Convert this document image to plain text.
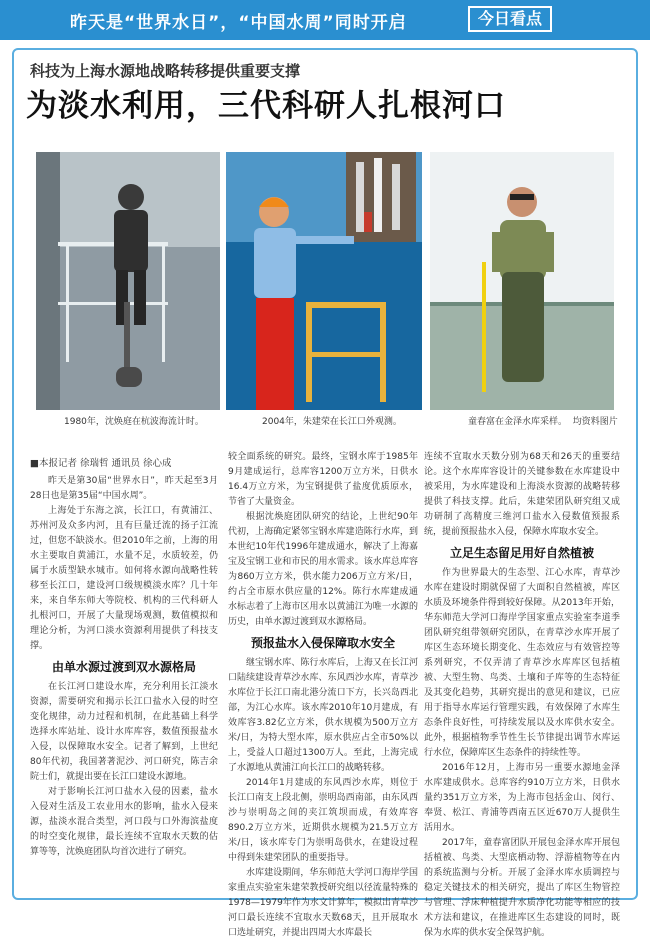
昨天是“世界水日”，“中国水周”同时开启	今日看点
科技为上海水源地战略转移提供重要支撑
为淡水利用，三代科研人扎根河口
1980年，沈焕庭在杭波海流计时。	2004年，朱建荣在长江口外观测。	童春富在金泽水库采样。 均资料图片

■本报记者 徐瑞哲 通讯员 徐心成

昨天是第30届“世界水日”，昨天起至3月28日也是第35届“中国水周”。

上海处于东海之滨，长江口，有黄浦江、苏州河及众多内河，且有巨量迁流的扬子江流过，但您不缺淡水。但2010年之前，上海的用水主要取自黄浦江，水量不足，水质较差，仍属于水质型缺水城市。如何将水源向战略性转移至长江口，建设河口级规模淡水库？几十年来，来自华东师大等院校、机构的三代科研人扎根河口，开展了大量现场观测，数值模拟和理论分析，为河口淡水资源利用提供了科技支撑。

由单水源过渡到双水源格局

在长江河口建设水库，充分利用长江淡水资源，需要研究和揭示长江口盐水入侵的时空变化规律，动力过程和机制，在此基础上科学选择水库站址、设计水库库容，数值预报盐水入侵，以保障取水安全。记者了解到，上世纪80年代初，我国著著泥沙、河口研究，陈吉余院士们，就提出要在长江口建设水源地。

对于影响长江河口盐水入侵的因素，盐水入侵对生活及工农业用水的影响，盐水入侵来源，盐淡水混合类型，河口段与口外海滨盐度的时空变化规律，最长连续不宜取水天数的估算等等，沈焕庭团队均首次进行了研究。

较全面系统的研究。最终，宝钢水库于1985年9月建成运行，总库容1200万立方米，日供水16.4万立方米，为宝钢提供了盐度优质原水，节省了大量资金。

根据沈焕庭团队研究的结论，上世纪90年代初，上海确定紧邻宝钢水库建造陈行水库，到本世纪10年代1996年建成通水，解决了上海嘉宝及宝钢工业和市民的用水需求。该水库总库容为860万立方米，供水能力206万立方米/日，约占全市原水供应量的12%。陈行水库建成通水标志着了上海市区用水以黄浦江为唯一水源的历史，由单水源过渡到双水源格局。

预报盐水入侵保障取水安全

继宝钢水库、陈行水库后，上海又在长江河口陆续建设青草沙水库、东风西沙水库，青草沙水库位于长江口南北港分流口下方，长兴岛西北部，为江心水库。该水库2010年10月建成，有效库容3.82亿立方米，供水规模为500万立方米/日，为特大型水库，原水供应占全市50%以上，受益人口超过1300万人。至此，上海完成了水源地从黄浦江向长江口的战略转移。

2014年1月建成的东风西沙水库，则位于长江口南支上段北侧，崇明岛西南部，由东风西沙与崇明岛之间的夹江筑坝而成，有效库容890.2万立方米，近期供水规模为21.5万立方米/日，该水库专门为崇明岛供水，在建设过程中得到朱建荣团队的重要指导。

水库建设期间，华东师范大学河口海岸学国家重点实验室朱建荣教授研究组以径流量特殊的1978—1979年作为水文计算年，模拟出青草沙河口最长连续不宜取水天数68天，且开展取水口选址研究，并提出四周大水库最长

连续不宜取水天数分别为68天和26天的重要结论。这个水库库容设计的关键参数在水库建设中被采用，为水库建设和上海淡水资源的战略转移提供了科技支撑。此后，朱建荣团队研究组又成功研制了高精度三维河口盐水入侵数值预报系统，提前预报盐水入侵，保障水库取水安全。

立足生态留足用好自然植被

作为世界最大的生态型、江心水库，青草沙水库在建设时期就保留了大面积自然植被，库区水质及环境条件得到较好保障。从2013年开始，华东师范大学河口海岸学国家重点实验室李道季团队研究组带领研究团队，在青草沙水库开展了库区生态环境长期变化、生态效应与有效管控等系列研究，不仅弄清了青草沙水库库区包括植被、大型生物、鸟类、土壤和子库等的生态特征及其变化趋势，其研究提出的意见和建议，已应用于指导水库运行管理实践，有效保障了水库生态条件良好性，可持续发展以及水库供水安全。此外，根据植物季节性生长节律提出调节水库运行水位，保障库区生态条件的持续性等。

2016年12月，上海市另一重要水源地金泽水库建成供水。总库容约910万立方米，日供水量约351万立方米，为上海市包括金山、闵行、奉贤、松江、青浦等西南五区近670万人提供生活用水。

2017年，童春富团队开展包金泽水库开展包括植被、鸟类、大型底栖动物、浮游植物等在内的系统监测与分析。开展了金泽水库水质调控与稳定关键技术的相关研究，提出了库区生物管控与管理、浮床种植提升水质净化功能等相应的技术方法和建议，在推进库区生态建设的同时，既保为水库的供水安全保驾护航。
